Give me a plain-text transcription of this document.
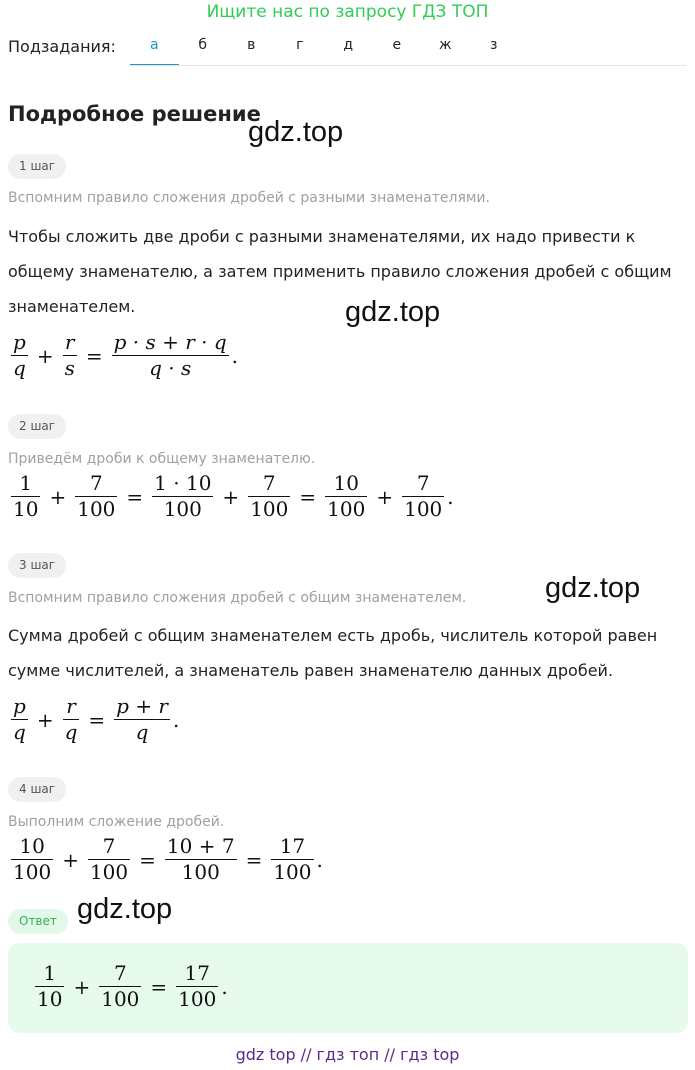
Ищите нас по запросу ГДЗ ТОП
Подзадания:	а	б	в	г	д	е	ж	з
Подробное решение
gdz.top
gdz.top
gdz.top
gdz.top
1 шаг
Вспомним правило сложения дробей с разными знаменателями.
Чтобы сложить две дроби с разными знаменателями, их надо привести к общему знаменателю, а затем применить правило сложения дробей с общим знаменателем.
$\frac{p}{q} + \frac{r}{s} = \frac{p \cdot s + r \cdot q}{q \cdot s}$ .
2 шаг
Приведём дроби к общему знаменателю.
$\frac{1}{10} + \frac{7}{100} = \frac{1 \cdot 10}{100} + \frac{7}{100} = \frac{10}{100} + \frac{7}{100}$ .
3 шаг
Вспомним правило сложения дробей с общим знаменателем.
Сумма дробей с общим знаменателем есть дробь, числитель которой равен сумме числителей, а знаменатель равен знаменателю данных дробей.
$\frac{p}{q} + \frac{r}{q} = \frac{p + r}{q}$ .
4 шаг
Выполним сложение дробей.
$\frac{10}{100} + \frac{7}{100} = \frac{10 + 7}{100} = \frac{17}{100}$ .
Ответ
$\frac{1}{10} + \frac{7}{100} = \frac{17}{100}$ .
gdz top // гдз топ // гдз top
